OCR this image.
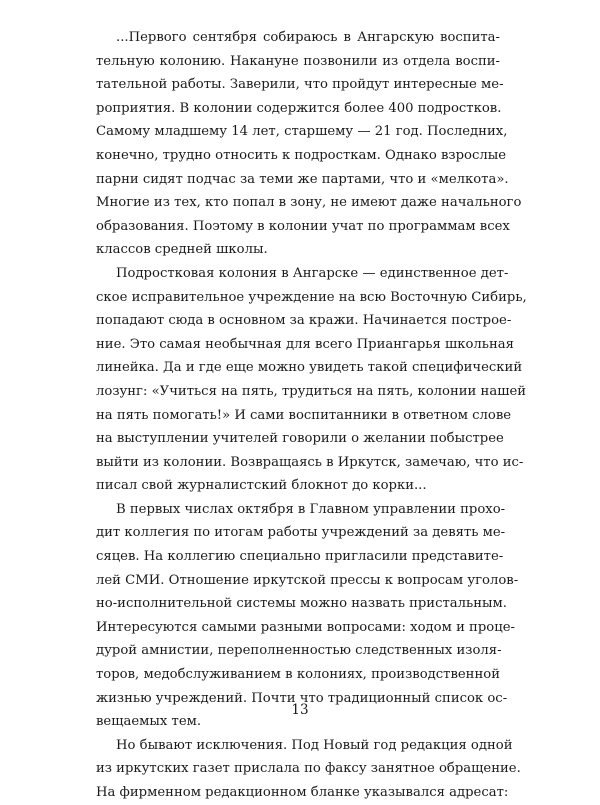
...Первого сентября собираюсь в Ангарскую воспита-
тельную колонию. Накануне позвонили из отдела воспи-
тательной работы. Заверили, что пройдут интересные ме-
роприятия. В колонии содержится более 400 подростков.
Самому младшему 14 лет, старшему — 21 год. Последних,
конечно, трудно относить к подросткам. Однако взрослые
парни сидят подчас за теми же партами, что и «мелкота».
Многие из тех, кто попал в зону, не имеют даже начального
образования. Поэтому в колонии учат по программам всех
классов средней школы.
Подростковая колония в Ангарске — единственное дет-
ское исправительное учреждение на всю Восточную Сибирь,
попадают сюда в основном за кражи. Начинается построе-
ние. Это самая необычная для всего Приангарья школьная
линейка. Да и где еще можно увидеть такой специфический
лозунг: «Учиться на пять, трудиться на пять, колонии нашей
на пять помогать!» И сами воспитанники в ответном слове
на выступлении учителей говорили о желании побыстрее
выйти из колонии. Возвращаясь в Иркутск, замечаю, что ис-
писал свой журналистский блокнот до корки...
В первых числах октября в Главном управлении прохо-
дит коллегия по итогам работы учреждений за девять ме-
сяцев. На коллегию специально пригласили представите-
лей СМИ. Отношение иркутской прессы к вопросам уголов-
но-исполнительной системы можно назвать пристальным.
Интересуются самыми разными вопросами: ходом и проце-
дурой амнистии, переполненностью следственных изоля-
торов, медобслуживанием в колониях, производственной
жизнью учреждений. Почти что традиционный список ос-
вещаемых тем.
Но бывают исключения. Под Новый год редакция одной
из иркутских газет прислала по факсу занятное обращение.
На фирменном редакционном бланке указывался адресат:
13
